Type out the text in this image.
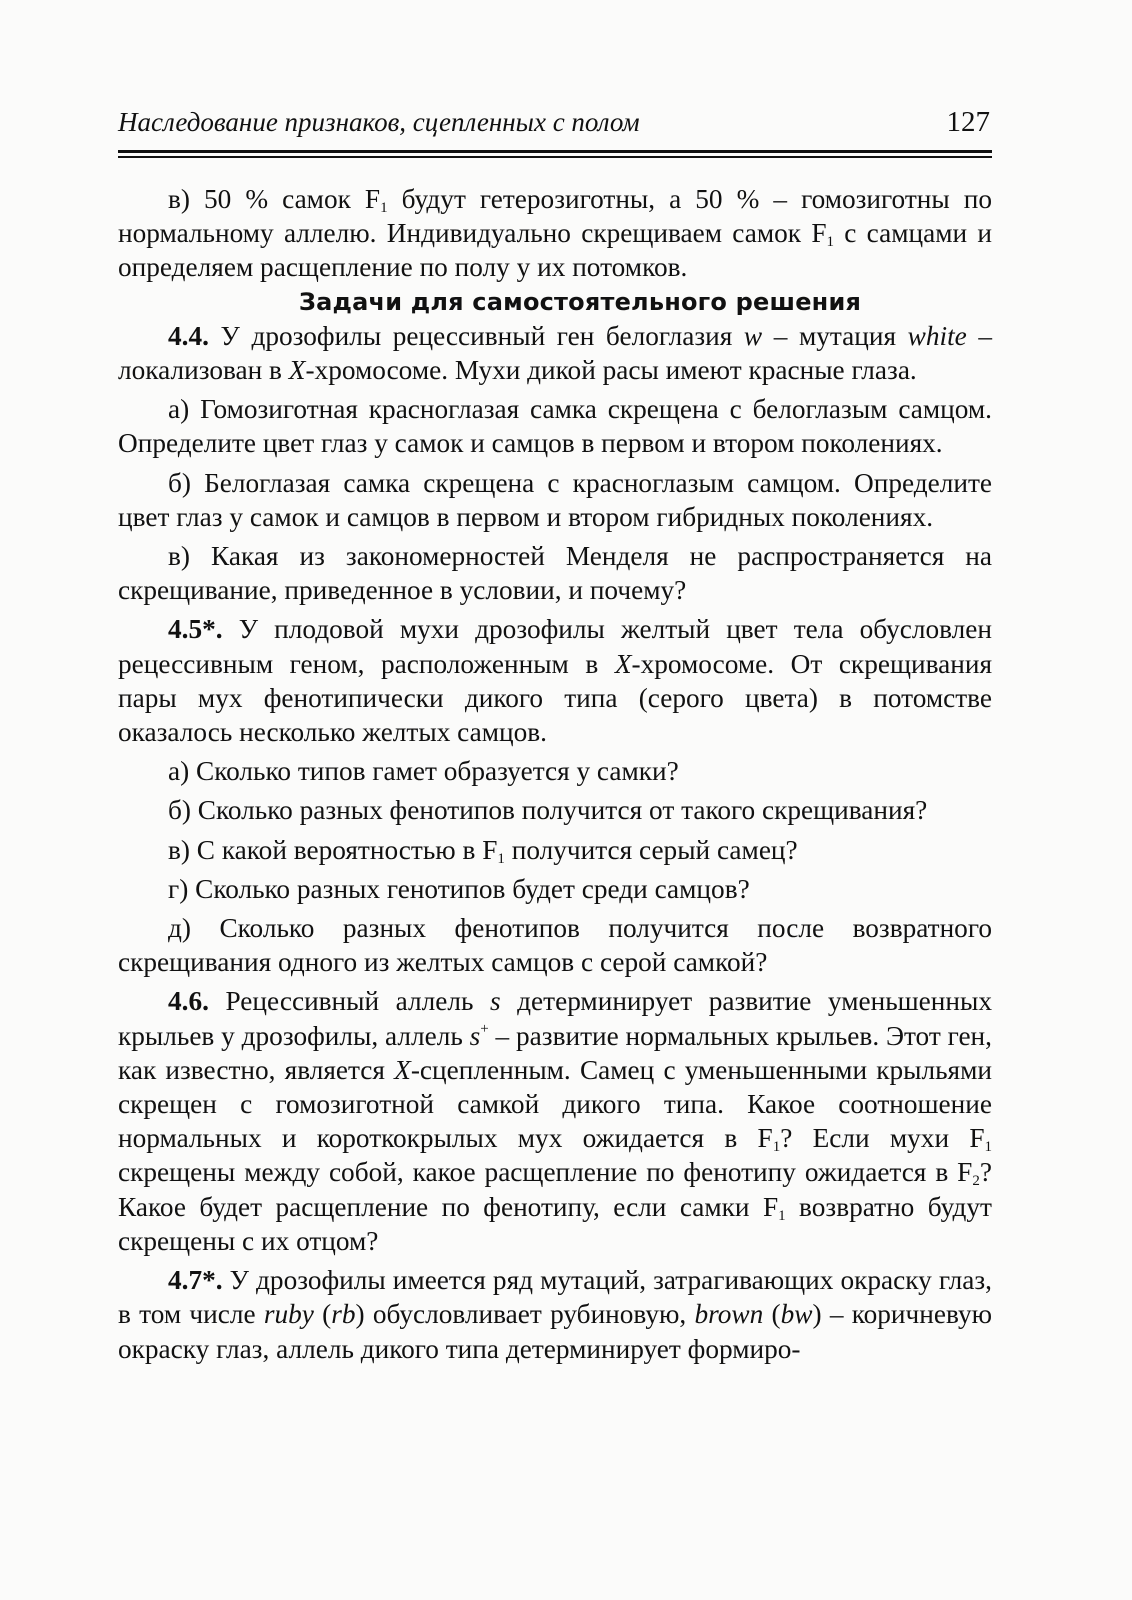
Наследование признаков, сцепленных с полом	127

в) 50 % самок $F_1$ будут гетерозиготны, а 50 % – гомозиготны по нормальному аллелю. Индивидуально скрещиваем самок $F_1$ с самцами и определяем расщепление по полу у их потомков.

Задачи для самостоятельного решения

4.4. У дрозофилы рецессивный ген белоглазия w – мутация white – локализован в X-хромосоме. Мухи дикой расы имеют красные глаза.

а) Гомозиготная красноглазая самка скрещена с белоглазым самцом. Определите цвет глаз у самок и самцов в первом и втором поколениях.

б) Белоглазая самка скрещена с красноглазым самцом. Определите цвет глаз у самок и самцов в первом и втором гибридных поколениях.

в) Какая из закономерностей Менделя не распространяется на скрещивание, приведенное в условии, и почему?

4.5*. У плодовой мухи дрозофилы желтый цвет тела обусловлен рецессивным геном, расположенным в X-хромосоме. От скрещивания пары мух фенотипически дикого типа (серого цвета) в потомстве оказалось несколько желтых самцов.

а) Сколько типов гамет образуется у самки?

б) Сколько разных фенотипов получится от такого скрещивания?

в) С какой вероятностью в $F_1$ получится серый самец?

г) Сколько разных генотипов будет среди самцов?

д) Сколько разных фенотипов получится после возвратного скрещивания одного из желтых самцов с серой самкой?

4.6. Рецессивный аллель s детерминирует развитие уменьшенных крыльев у дрозофилы, аллель s+ – развитие нормальных крыльев. Этот ген, как известно, является X-сцепленным. Самец с уменьшенными крыльями скрещен с гомозиготной самкой дикого типа. Какое соотношение нормальных и короткокрылых мух ожидается в $F_1$? Если мухи $F_1$ скрещены между собой, какое расщепление по фенотипу ожидается в $F_2$? Какое будет расщепление по фенотипу, если самки $F_1$ возвратно будут скрещены с их отцом?

4.7*. У дрозофилы имеется ряд мутаций, затрагивающих окраску глаз, в том числе ruby (rb) обусловливает рубиновую, brown (bw) – коричневую окраску глаз, аллель дикого типа детерминирует формиро-
